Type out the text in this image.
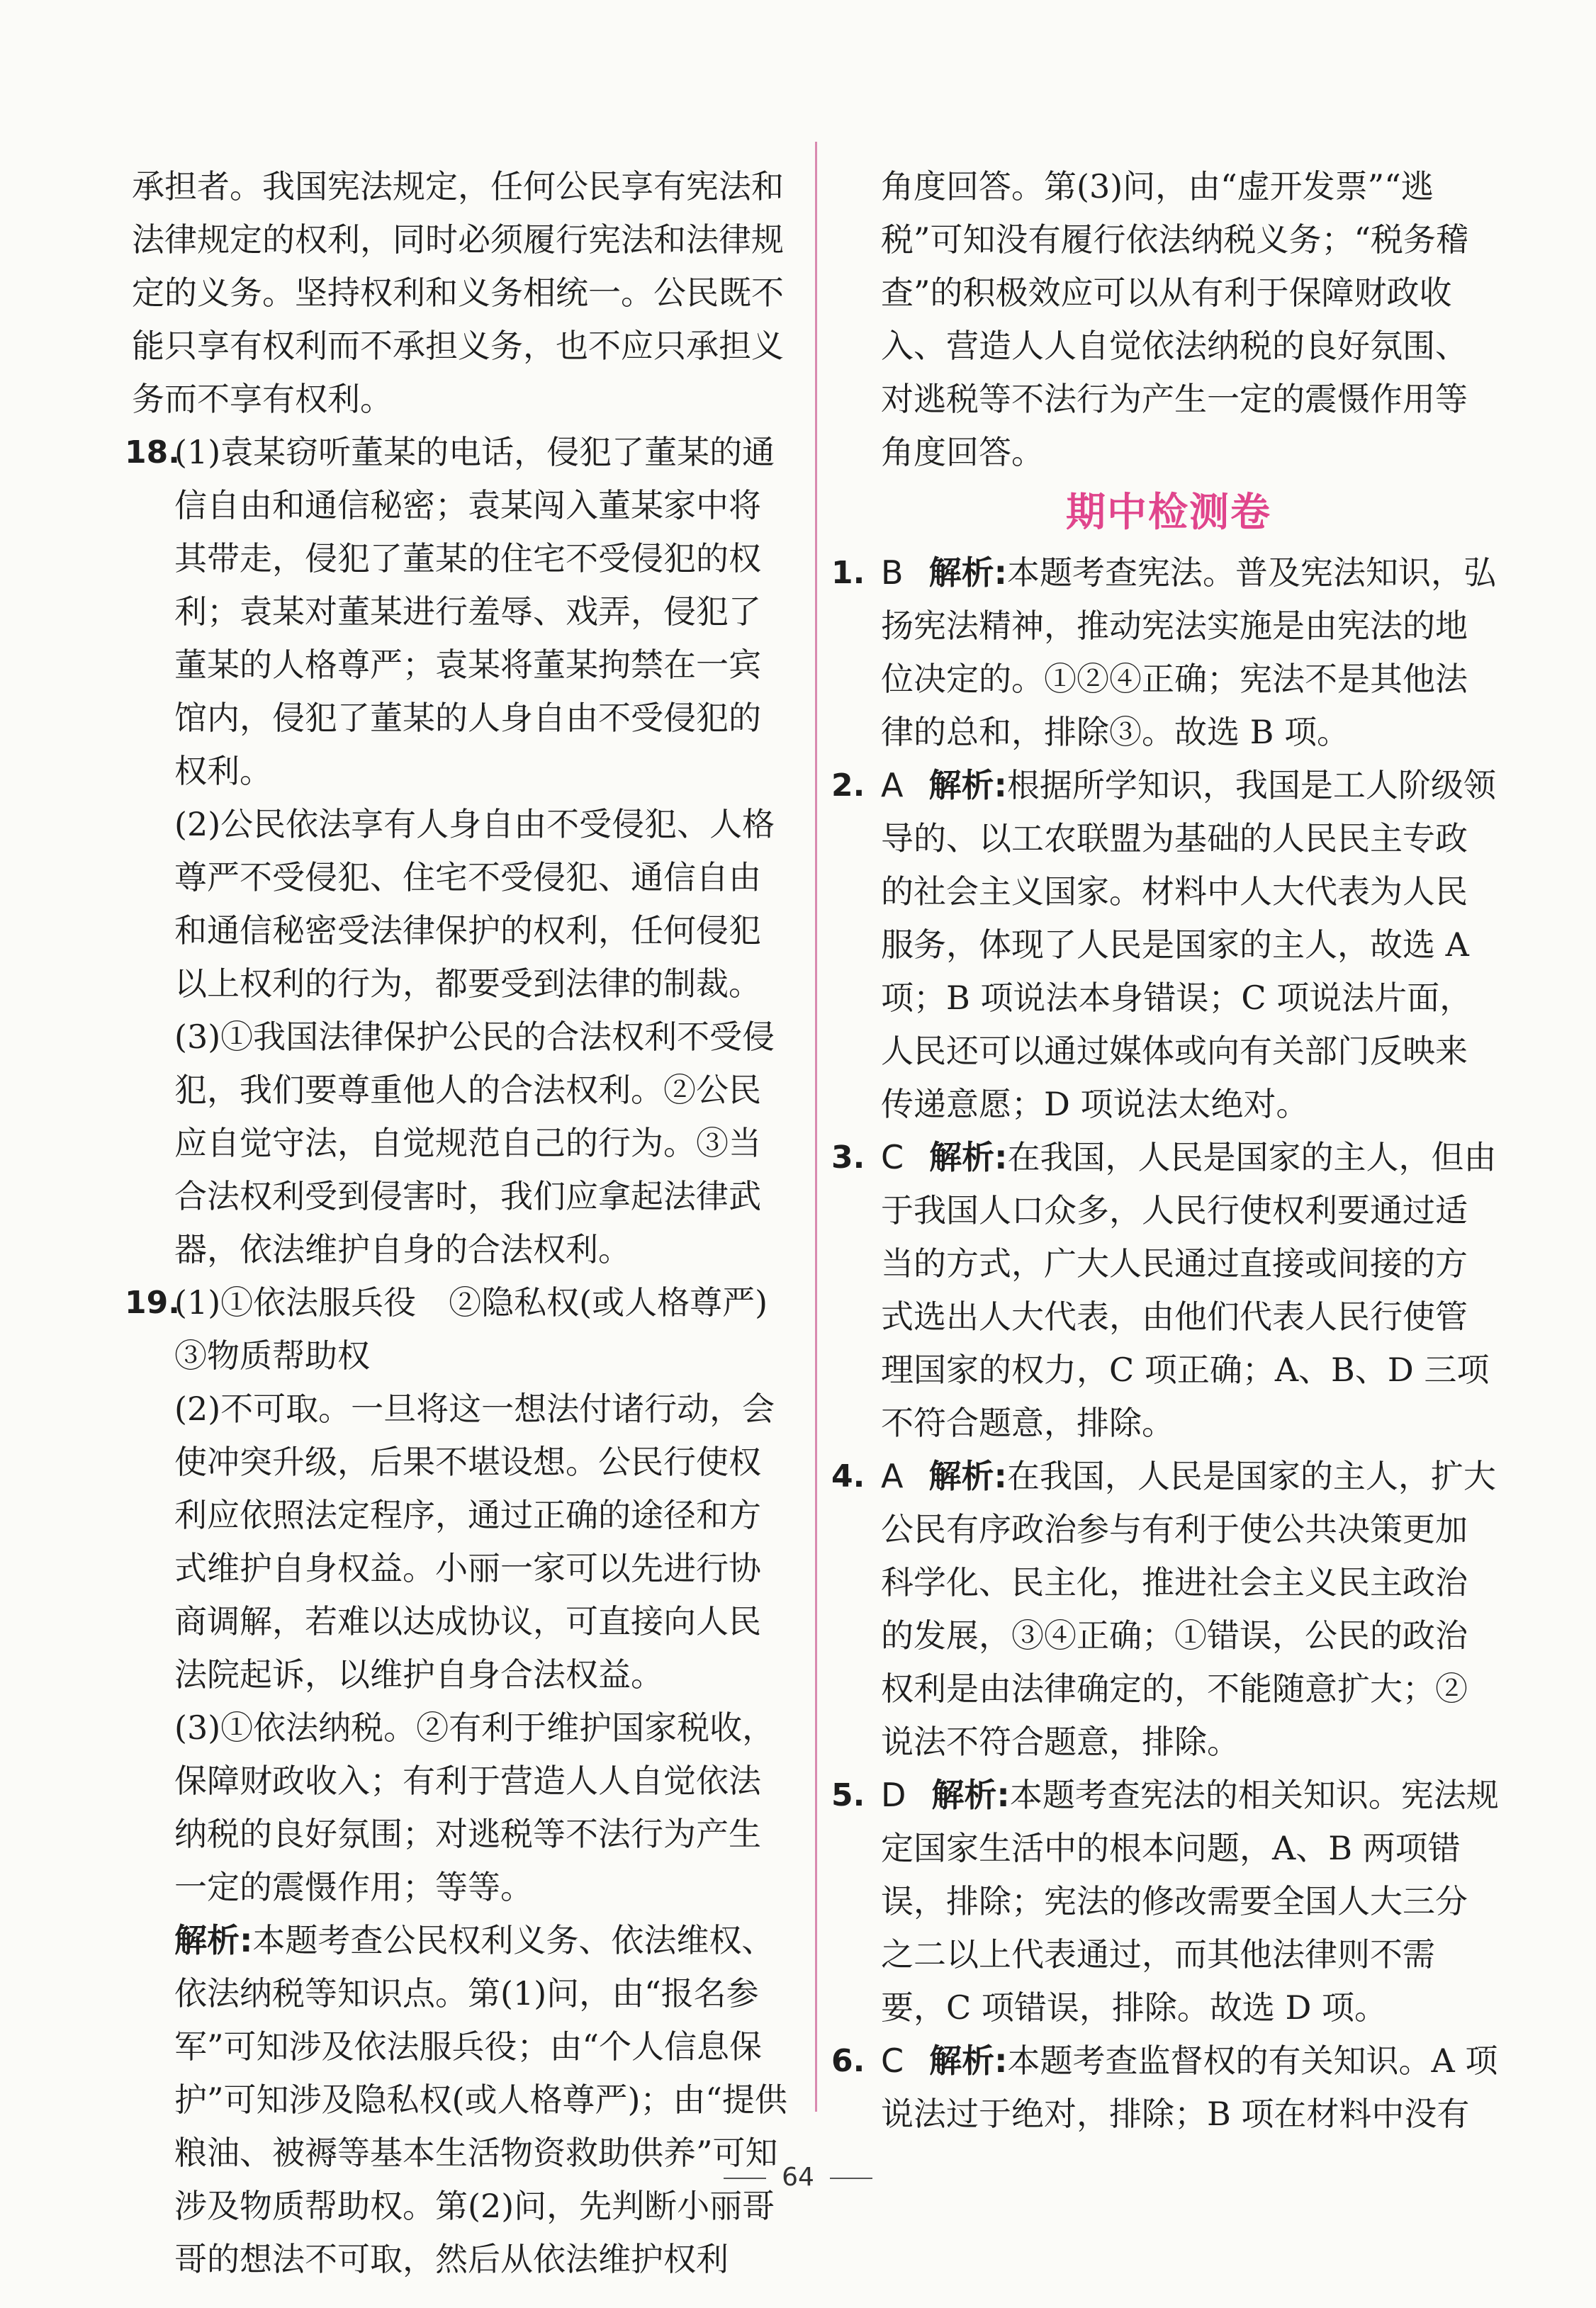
承担者。我国宪法规定，任何公民享有宪法和法律规定的权利，同时必须履行宪法和法律规定的义务。坚持权利和义务相统一。公民既不能只享有权利而不承担义务，也不应只承担义务而不享有权利。

18.

(1)袁某窃听董某的电话，侵犯了董某的通信自由和通信秘密；袁某闯入董某家中将其带走，侵犯了董某的住宅不受侵犯的权利；袁某对董某进行羞辱、戏弄，侵犯了董某的人格尊严；袁某将董某拘禁在一宾馆内，侵犯了董某的人身自由不受侵犯的权利。

(2)公民依法享有人身自由不受侵犯、人格尊严不受侵犯、住宅不受侵犯、通信自由和通信秘密受法律保护的权利，任何侵犯以上权利的行为，都要受到法律的制裁。

(3)①我国法律保护公民的合法权利不受侵犯，我们要尊重他人的合法权利。②公民应自觉守法，自觉规范自己的行为。③当合法权利受到侵害时，我们应拿起法律武器，依法维护自身的合法权利。

19.

(1)①依法服兵役　②隐私权(或人格尊严)　③物质帮助权

(2)不可取。一旦将这一想法付诸行动，会使冲突升级，后果不堪设想。公民行使权利应依照法定程序，通过正确的途径和方式维护自身权益。小丽一家可以先进行协商调解，若难以达成协议，可直接向人民法院起诉，以维护自身合法权益。

(3)①依法纳税。②有利于维护国家税收，保障财政收入；有利于营造人人自觉依法纳税的良好氛围；对逃税等不法行为产生一定的震慑作用；等等。

解析:本题考查公民权利义务、依法维权、依法纳税等知识点。第(1)问，由“报名参军”可知涉及依法服兵役；由“个人信息保护”可知涉及隐私权(或人格尊严)；由“提供粮油、被褥等基本生活物资救助供养”可知涉及物质帮助权。第(2)问，先判断小丽哥哥的想法不可取，然后从依法维护权利

角度回答。第(3)问，由“虚开发票”“逃税”可知没有履行依法纳税义务；“税务稽查”的积极效应可以从有利于保障财政收入、营造人人自觉依法纳税的良好氛围、对逃税等不法行为产生一定的震慑作用等角度回答。

期中检测卷
1. B 解析:本题考查宪法。普及宪法知识，弘扬宪法精神，推动宪法实施是由宪法的地位决定的。①②④正确；宪法不是其他法律的总和，排除③。故选 B 项。

2. A 解析:根据所学知识，我国是工人阶级领导的、以工农联盟为基础的人民民主专政的社会主义国家。材料中人大代表为人民服务，体现了人民是国家的主人，故选 A 项；B 项说法本身错误；C 项说法片面，人民还可以通过媒体或向有关部门反映来传递意愿；D 项说法太绝对。

3. C 解析:在我国，人民是国家的主人，但由于我国人口众多，人民行使权利要通过适当的方式，广大人民通过直接或间接的方式选出人大代表，由他们代表人民行使管理国家的权力，C 项正确；A、B、D 三项不符合题意，排除。

4. A 解析:在我国，人民是国家的主人，扩大公民有序政治参与有利于使公共决策更加科学化、民主化，推进社会主义民主政治的发展，③④正确；①错误，公民的政治权利是由法律确定的，不能随意扩大；②说法不符合题意，排除。

5. D 解析:本题考查宪法的相关知识。宪法规定国家生活中的根本问题，A、B 两项错误，排除；宪法的修改需要全国人大三分之二以上代表通过，而其他法律则不需要，C 项错误，排除。故选 D 项。

6. C 解析:本题考查监督权的有关知识。A 项说法过于绝对，排除；B 项在材料中没有

64
